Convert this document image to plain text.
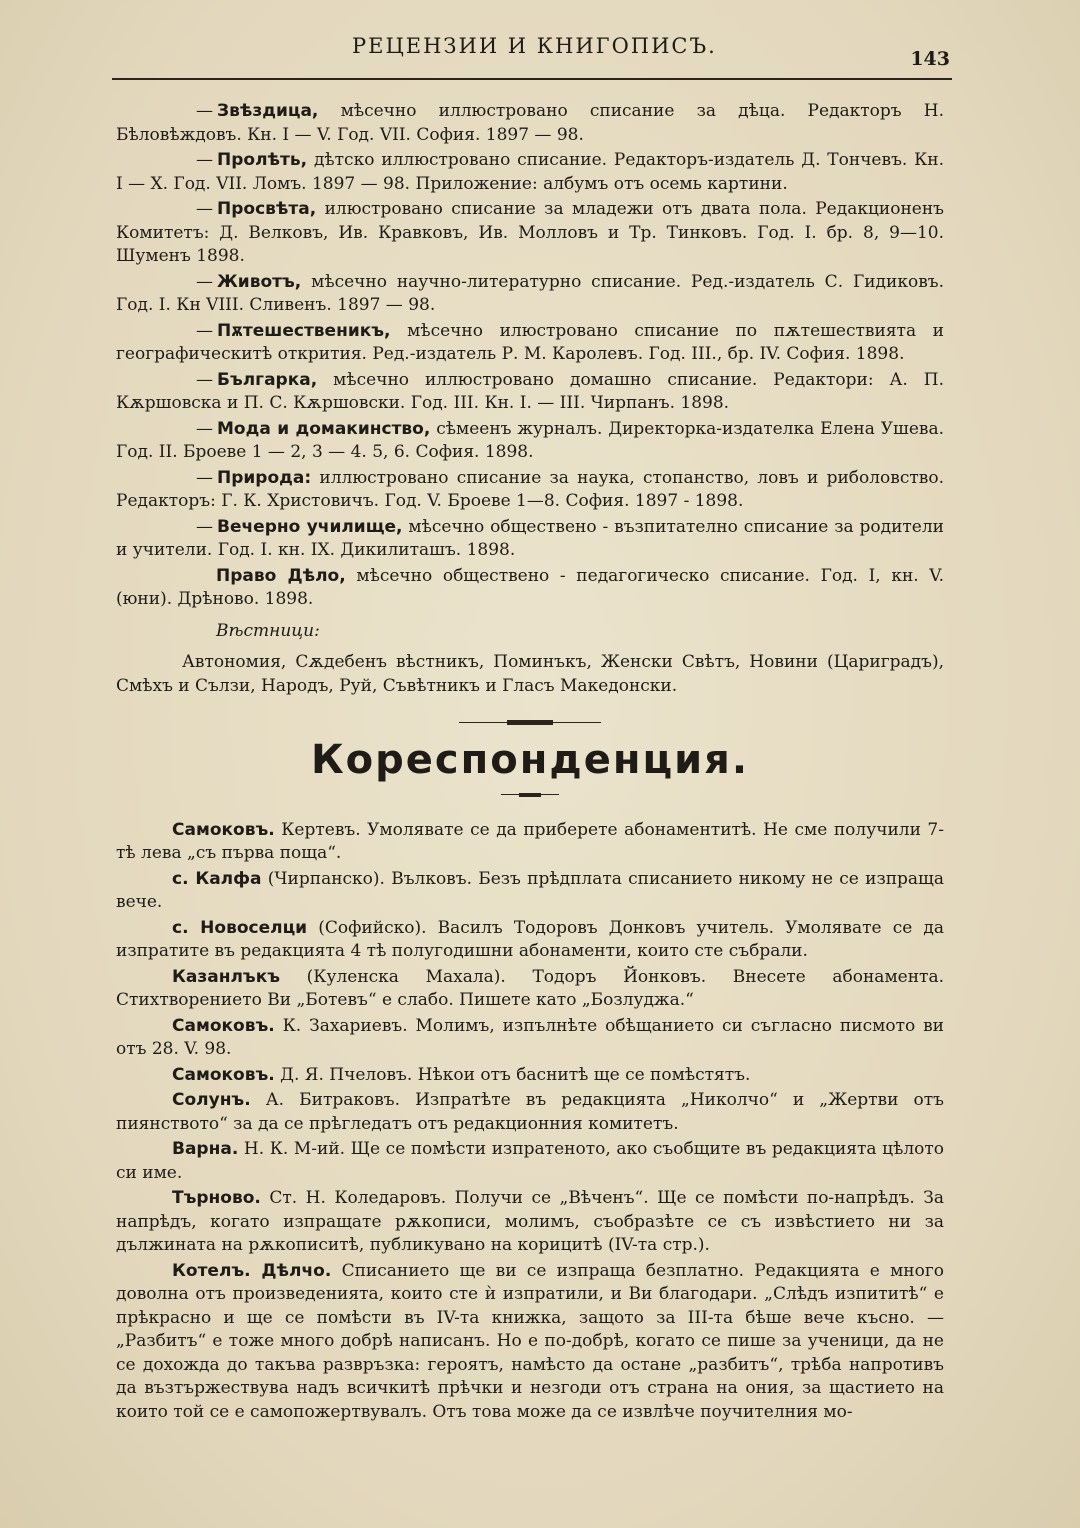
РЕЦЕНЗИИ И КНИГОПИСЪ.
143

— Звѣздица, мѣсечно иллюстровано списание за дѣца. Редакторъ Н. Бѣловѣждовъ. Кн. I — V. Год. VII. София. 1897 — 98.

— Пролѣть, дѣтско иллюстровано списание. Редакторъ-издатель Д. Тончевъ. Кн. I — X. Год. VII. Ломъ. 1897 — 98. Приложение: албумъ отъ осемь картини.

— Просвѣта, илюстровано списание за младежи отъ двата пола. Редакционенъ Комитетъ: Д. Велковъ, Ив. Кравковъ, Ив. Молловъ и Тр. Тинковъ. Год. I. бр. 8, 9—10. Шуменъ 1898.

— Животъ, мѣсечно научно-литературно списание. Ред.-издатель С. Гидиковъ. Год. I. Кн VIII. Сливенъ. 1897 — 98.

— Пѫтешественикъ, мѣсечно илюстровано списание по пѫтешествията и географическитѣ открития. Ред.-издатель Р. М. Каролевъ. Год. III., бр. IV. София. 1898.

— Българка, мѣсечно иллюстровано домашно списание. Редактори: А. П. Кѫршовска и П. С. Кѫршовски. Год. III. Кн. I. — III. Чирпанъ. 1898.

— Мода и домакинство, сѣмеенъ журналъ. Директорка-издателка Елена Ушева. Год. II. Броеве 1 — 2, 3 — 4. 5, 6. София. 1898.

— Природа: иллюстровано списание за наука, стопанство, ловъ и риболовство. Редакторъ: Г. К. Христовичъ. Год. V. Броеве 1—8. София. 1897 - 1898.

— Вечерно училище, мѣсечно обществено - възпитателно списание за родители и учители. Год. I. кн. IX. Дикилиташъ. 1898.

Право Дѣло, мѣсечно обществено - педагогическо списание. Год. I, кн. V. (юни). Дрѣново. 1898.

Вѣстници:

Автономия, Сѫдебенъ вѣстникъ, Поминъкъ, Женски Свѣтъ, Новини (Цариградъ), Смѣхъ и Сълзи, Народъ, Руй, Съвѣтникъ и Гласъ Македонски.

Кореспонденция.

Самоковъ. Кертевъ. Умолявате се да приберете абонаментитѣ. Не сме получили 7-тѣ лева „съ първа поща“.

с. Калфа (Чирпанско). Вълковъ. Безъ прѣдплата списанието никому не се изпраща вече.

с. Новоселци (Софийско). Василъ Тодоровъ Донковъ учитель. Умолявате се да изпратите въ редакцията 4 тѣ полугодишни абонаменти, които сте събрали.

Казанлъкъ (Куленска Махала). Тодоръ Йонковъ. Внесете абонамента. Стихтворението Ви „Ботевъ“ е слабо. Пишете като „Бозлуджа.“

Самоковъ. К. Захариевъ. Молимъ, изпълнѣте обѣщанието си съгласно писмото ви отъ 28. V. 98.

Самоковъ. Д. Я. Пчеловъ. Нѣкои отъ баснитѣ ще се помѣстятъ.

Солунъ. А. Битраковъ. Изпратѣте въ редакцията „Николчо“ и „Жертви отъ пиянството“ за да се прѣгледатъ отъ редакционния комитетъ.

Варна. Н. К. М-ий. Ще се помѣсти изпратеното, ако съобщите въ редакцията цѣлото си име.

Търново. Ст. Н. Коледаровъ. Получи се „Вѣченъ“. Ще се помѣсти по-напрѣдъ. За напрѣдъ, когато изпращате рѫкописи, молимъ, съобразѣте се съ извѣстието ни за дължината на рѫкописитѣ, публикувано на корицитѣ (IV-та стр.).

Котелъ. Дѣлчо. Списанието ще ви се изпраща безплатно. Редакцията е много доволна отъ произведенията, които сте ѝ изпратили, и Ви благодари. „Слѣдъ изпититѣ“ е прѣкрасно и ще се помѣсти въ IV-та книжка, защото за III-та бѣше вече късно. — „Разбитъ“ е тоже много добрѣ написанъ. Но е по-добрѣ, когато се пише за ученици, да не се дохожда до такъва развръзка: героятъ, намѣсто да остане „разбитъ“, трѣба напротивъ да възтържествува надъ всичкитѣ прѣчки и незгоди отъ страна на ония, за щастието на които той се е самопожертвувалъ. Отъ това може да се извлѣче поучителния мо-
